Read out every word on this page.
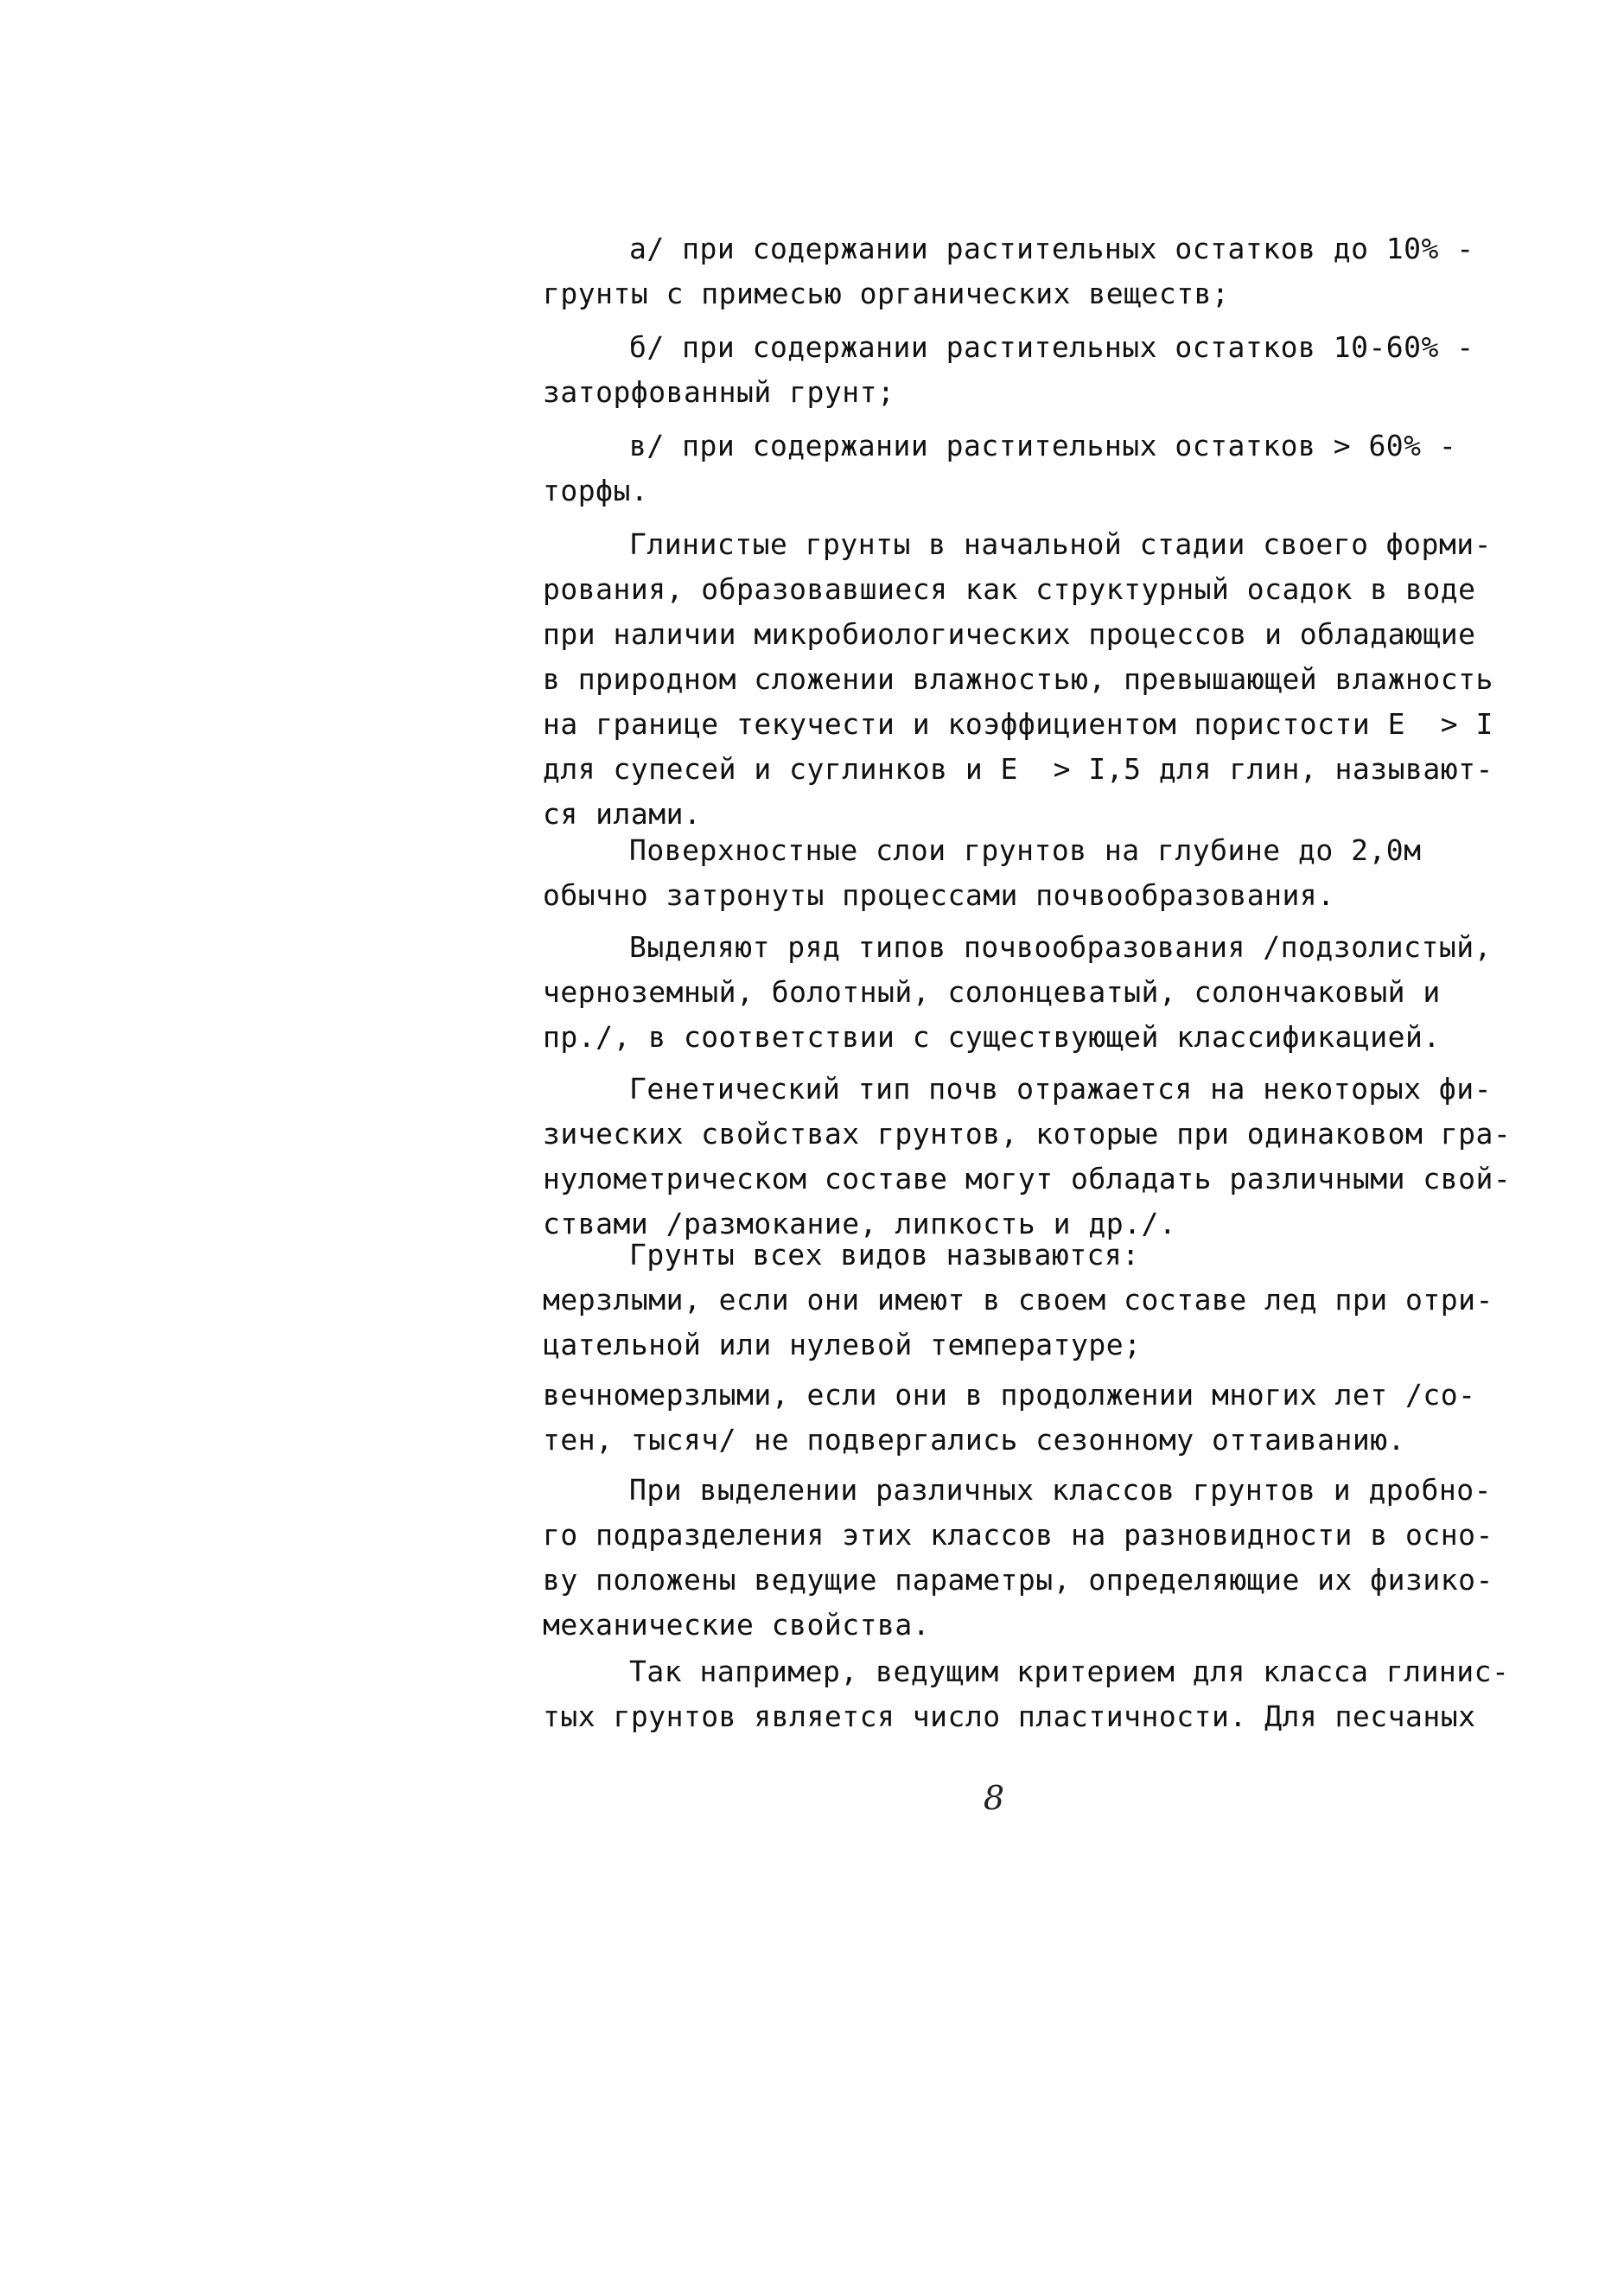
а/ при содержании растительных остатков до 10% -
грунты с примесью органических веществ;
б/ при содержании растительных остатков 10-60% -
заторфованный грунт;
в/ при содержании растительных остатков > 60% -
торфы.
Глинистые грунты в начальной стадии своего форми-
рования, образовавшиеся как структурный осадок в воде
при наличии микробиологических процессов и обладающие
в природном сложении влажностью, превышающей влажность
на границе текучести и коэффициентом пористости Е  > I
для супесей и суглинков и Е  > I,5 для глин, называют-
ся илами.
Поверхностные слои грунтов на глубине до 2,0м
обычно затронуты процессами почвообразования.
Выделяют ряд типов почвообразования /подзолистый,
черноземный, болотный, солонцеватый, солончаковый и
пр./, в соответствии с существующей классификацией.
Генетический тип почв отражается на некоторых фи-
зических свойствах грунтов, которые при одинаковом гра-
нулометрическом составе могут обладать различными свой-
ствами /размокание, липкость и др./.
Грунты всех видов называются:
мерзлыми, если они имеют в своем составе лед при отри-
цательной или нулевой температуре;
вечномерзлыми, если они в продолжении многих лет /со-
тен, тысяч/ не подвергались сезонному оттаиванию.
При выделении различных классов грунтов и дробно-
го подразделения этих классов на разновидности в осно-
ву положены ведущие параметры, определяющие их физико-
механические свойства.
Так например, ведущим критерием для класса глинис-
тых грунтов является число пластичности. Для песчаных
8
